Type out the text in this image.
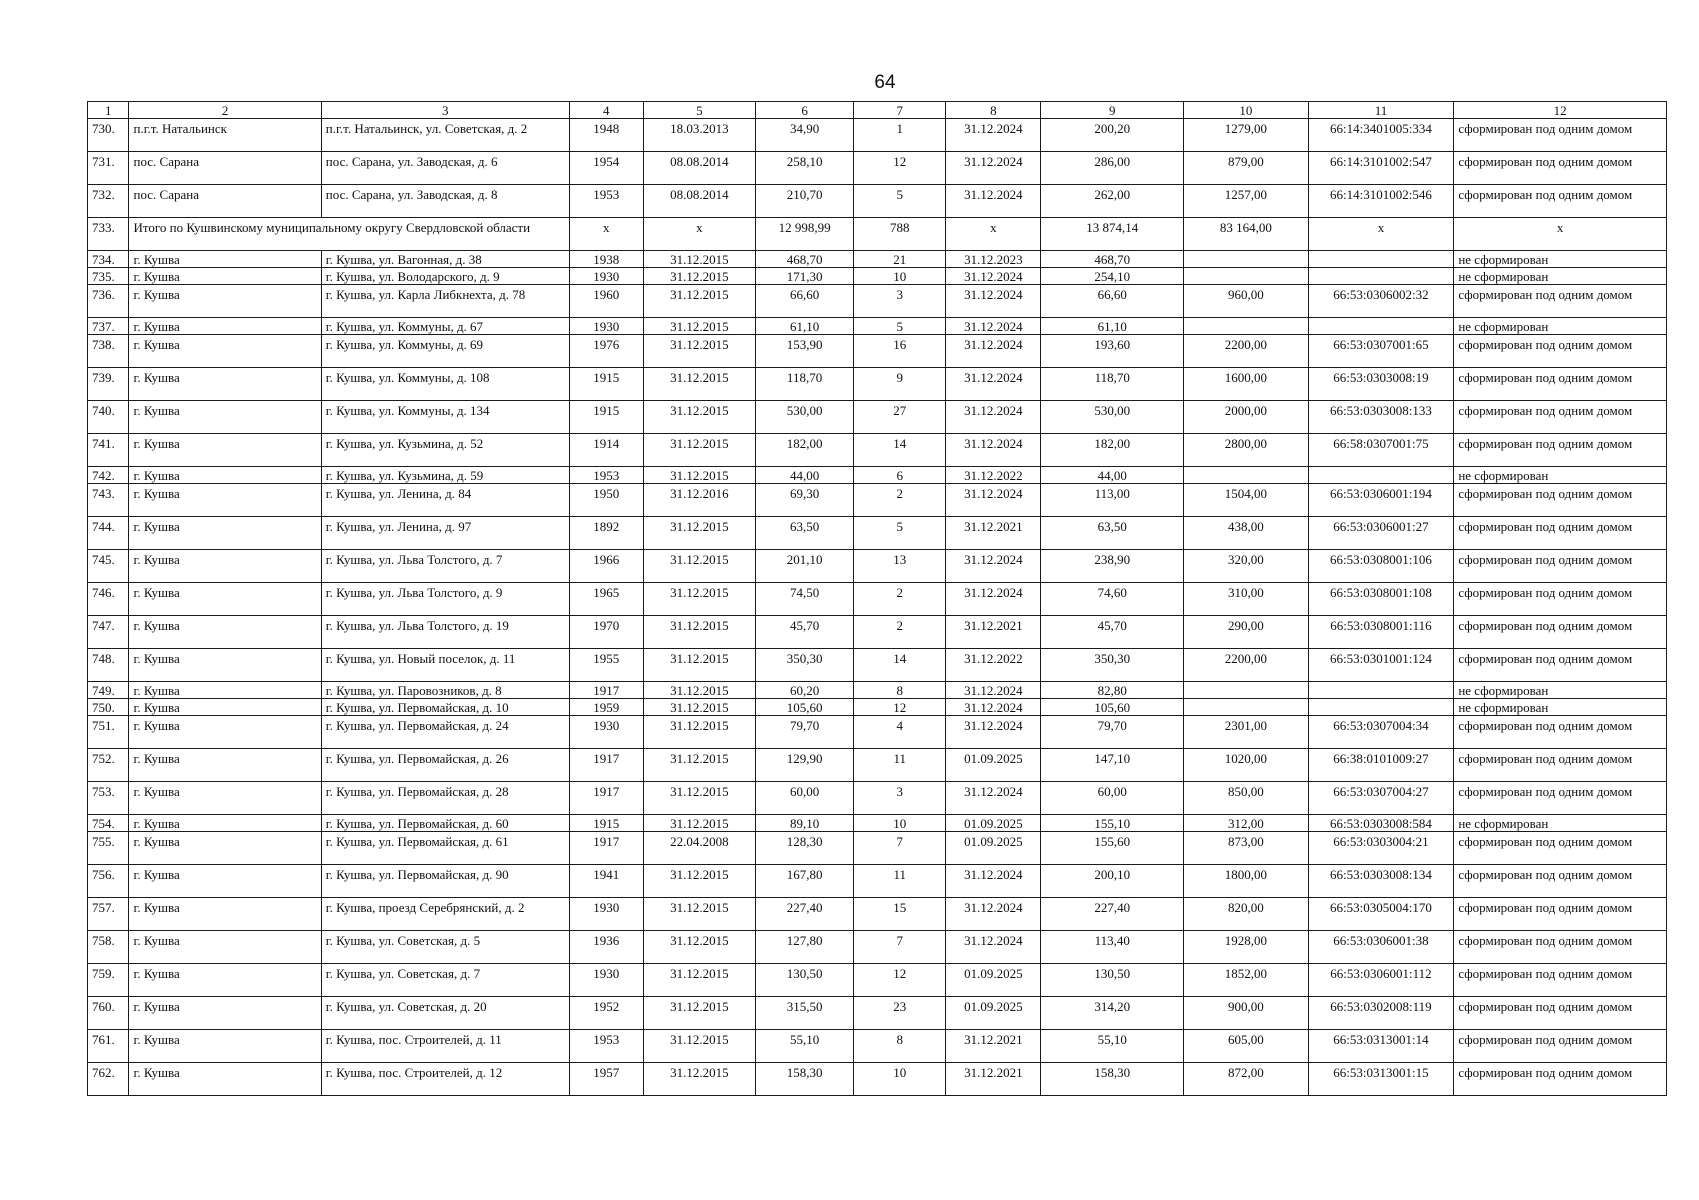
64
1	2	3	4	5	6	7	8	9	10	11	12
730.	п.г.т. Натальинск	п.г.т. Натальинск, ул. Советская, д. 2	1948	18.03.2013	34,90	1	31.12.2024	200,20	1279,00	66:14:3401005:334	сформирован под одним домом
731.	пос. Сарана	пос. Сарана, ул. Заводская, д. 6	1954	08.08.2014	258,10	12	31.12.2024	286,00	879,00	66:14:3101002:547	сформирован под одним домом
732.	пос. Сарана	пос. Сарана, ул. Заводская, д. 8	1953	08.08.2014	210,70	5	31.12.2024	262,00	1257,00	66:14:3101002:546	сформирован под одним домом
733.	Итого по Кушвинскому муниципальному округу Свердловской области		х	х	12 998,99	788	х	13 874,14	83 164,00	х	х
734.	г. Кушва	г. Кушва, ул. Вагонная, д. 38	1938	31.12.2015	468,70	21	31.12.2023	468,70			не сформирован
735.	г. Кушва	г. Кушва, ул. Володарского, д. 9	1930	31.12.2015	171,30	10	31.12.2024	254,10			не сформирован
736.	г. Кушва	г. Кушва, ул. Карла Либкнехта, д. 78	1960	31.12.2015	66,60	3	31.12.2024	66,60	960,00	66:53:0306002:32	сформирован под одним домом
737.	г. Кушва	г. Кушва, ул. Коммуны, д. 67	1930	31.12.2015	61,10	5	31.12.2024	61,10			не сформирован
738.	г. Кушва	г. Кушва, ул. Коммуны, д. 69	1976	31.12.2015	153,90	16	31.12.2024	193,60	2200,00	66:53:0307001:65	сформирован под одним домом
739.	г. Кушва	г. Кушва, ул. Коммуны, д. 108	1915	31.12.2015	118,70	9	31.12.2024	118,70	1600,00	66:53:0303008:19	сформирован под одним домом
740.	г. Кушва	г. Кушва, ул. Коммуны, д. 134	1915	31.12.2015	530,00	27	31.12.2024	530,00	2000,00	66:53:0303008:133	сформирован под одним домом
741.	г. Кушва	г. Кушва, ул. Кузьмина, д. 52	1914	31.12.2015	182,00	14	31.12.2024	182,00	2800,00	66:58:0307001:75	сформирован под одним домом
742.	г. Кушва	г. Кушва, ул. Кузьмина, д. 59	1953	31.12.2015	44,00	6	31.12.2022	44,00			не сформирован
743.	г. Кушва	г. Кушва, ул. Ленина, д. 84	1950	31.12.2016	69,30	2	31.12.2024	113,00	1504,00	66:53:0306001:194	сформирован под одним домом
744.	г. Кушва	г. Кушва, ул. Ленина, д. 97	1892	31.12.2015	63,50	5	31.12.2021	63,50	438,00	66:53:0306001:27	сформирован под одним домом
745.	г. Кушва	г. Кушва, ул. Льва Толстого, д. 7	1966	31.12.2015	201,10	13	31.12.2024	238,90	320,00	66:53:0308001:106	сформирован под одним домом
746.	г. Кушва	г. Кушва, ул. Льва Толстого, д. 9	1965	31.12.2015	74,50	2	31.12.2024	74,60	310,00	66:53:0308001:108	сформирован под одним домом
747.	г. Кушва	г. Кушва, ул. Льва Толстого, д. 19	1970	31.12.2015	45,70	2	31.12.2021	45,70	290,00	66:53:0308001:116	сформирован под одним домом
748.	г. Кушва	г. Кушва, ул. Новый поселок, д. 11	1955	31.12.2015	350,30	14	31.12.2022	350,30	2200,00	66:53:0301001:124	сформирован под одним домом
749.	г. Кушва	г. Кушва, ул. Паровозников, д. 8	1917	31.12.2015	60,20	8	31.12.2024	82,80			не сформирован
750.	г. Кушва	г. Кушва, ул. Первомайская, д. 10	1959	31.12.2015	105,60	12	31.12.2024	105,60			не сформирован
751.	г. Кушва	г. Кушва, ул. Первомайская, д. 24	1930	31.12.2015	79,70	4	31.12.2024	79,70	2301,00	66:53:0307004:34	сформирован под одним домом
752.	г. Кушва	г. Кушва, ул. Первомайская, д. 26	1917	31.12.2015	129,90	11	01.09.2025	147,10	1020,00	66:38:0101009:27	сформирован под одним домом
753.	г. Кушва	г. Кушва, ул. Первомайская, д. 28	1917	31.12.2015	60,00	3	31.12.2024	60,00	850,00	66:53:0307004:27	сформирован под одним домом
754.	г. Кушва	г. Кушва, ул. Первомайская, д. 60	1915	31.12.2015	89,10	10	01.09.2025	155,10	312,00	66:53:0303008:584	не сформирован
755.	г. Кушва	г. Кушва, ул. Первомайская, д. 61	1917	22.04.2008	128,30	7	01.09.2025	155,60	873,00	66:53:0303004:21	сформирован под одним домом
756.	г. Кушва	г. Кушва, ул. Первомайская, д. 90	1941	31.12.2015	167,80	11	31.12.2024	200,10	1800,00	66:53:0303008:134	сформирован под одним домом
757.	г. Кушва	г. Кушва, проезд Серебрянский, д. 2	1930	31.12.2015	227,40	15	31.12.2024	227,40	820,00	66:53:0305004:170	сформирован под одним домом
758.	г. Кушва	г. Кушва, ул. Советская, д. 5	1936	31.12.2015	127,80	7	31.12.2024	113,40	1928,00	66:53:0306001:38	сформирован под одним домом
759.	г. Кушва	г. Кушва, ул. Советская, д. 7	1930	31.12.2015	130,50	12	01.09.2025	130,50	1852,00	66:53:0306001:112	сформирован под одним домом
760.	г. Кушва	г. Кушва, ул. Советская, д. 20	1952	31.12.2015	315,50	23	01.09.2025	314,20	900,00	66:53:0302008:119	сформирован под одним домом
761.	г. Кушва	г. Кушва, пос. Строителей, д. 11	1953	31.12.2015	55,10	8	31.12.2021	55,10	605,00	66:53:0313001:14	сформирован под одним домом
762.	г. Кушва	г. Кушва, пос. Строителей, д. 12	1957	31.12.2015	158,30	10	31.12.2021	158,30	872,00	66:53:0313001:15	сформирован под одним домом
